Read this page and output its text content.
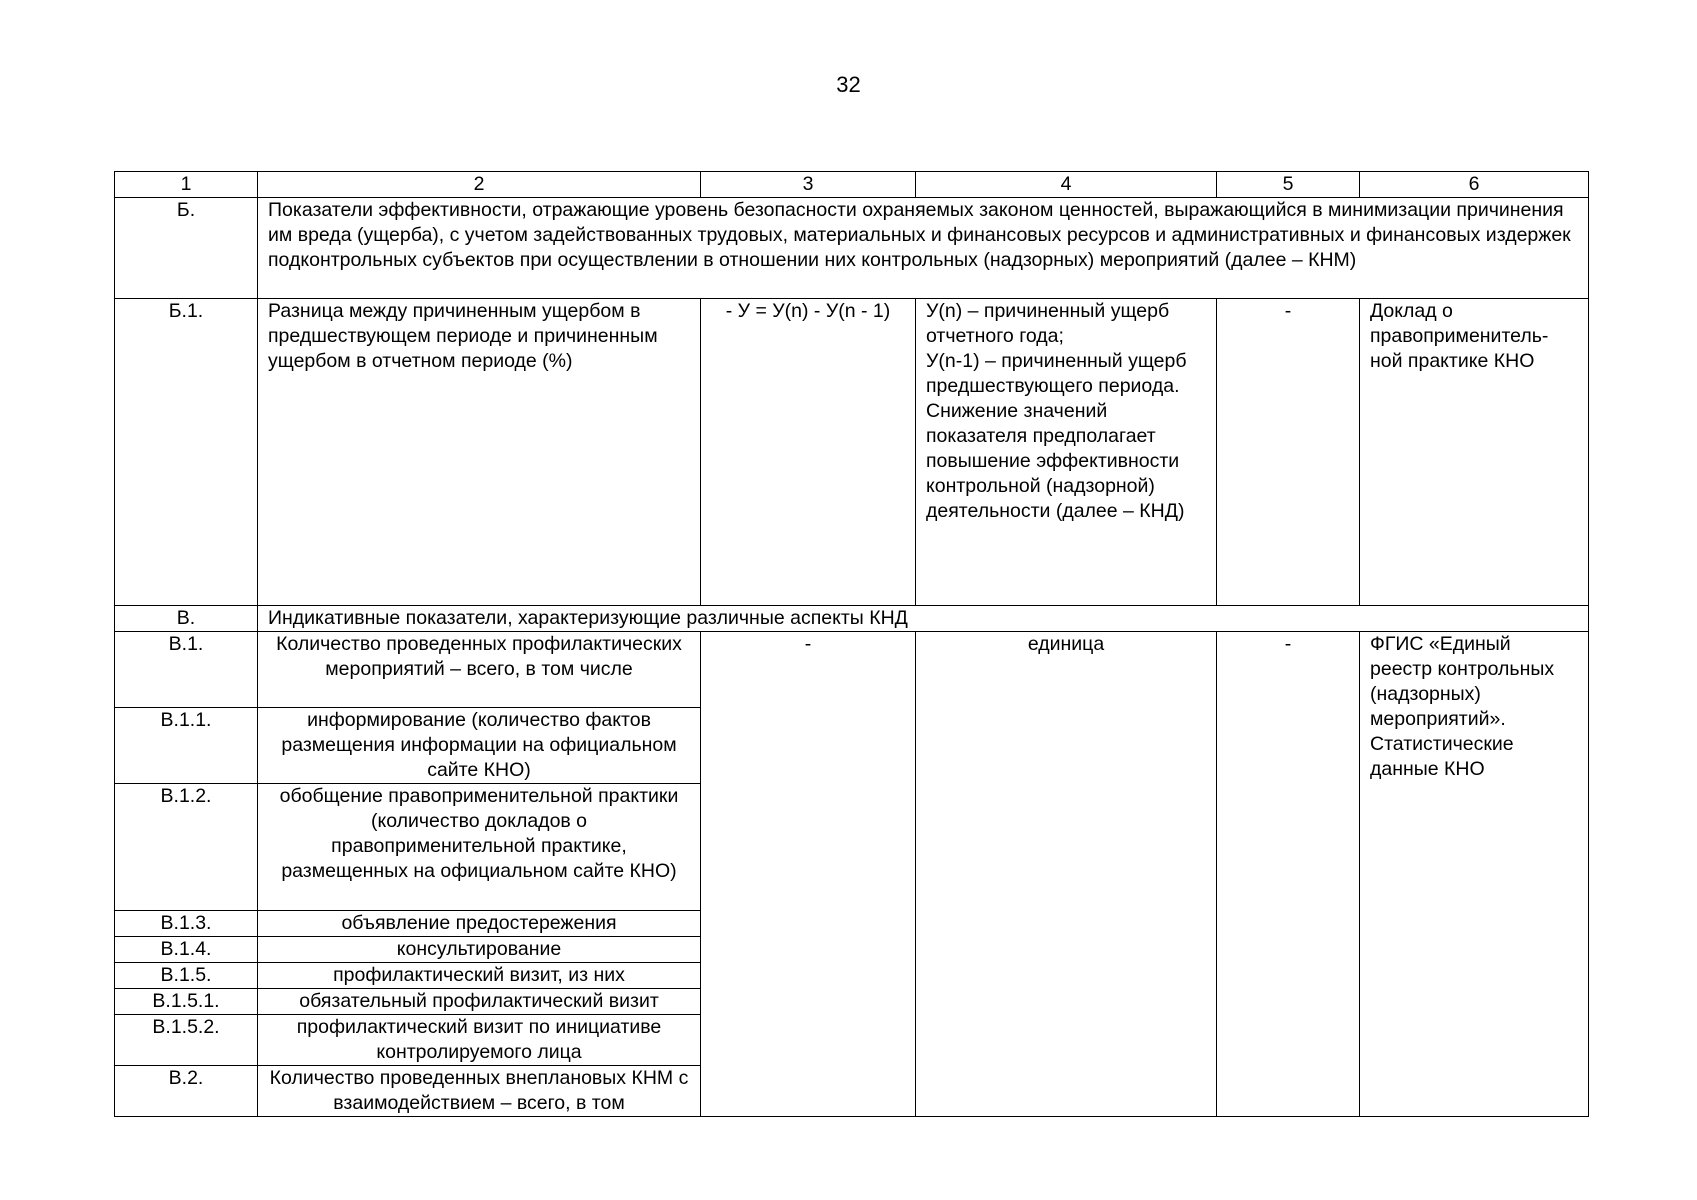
32
1	2	3	4	5	6
Б.	Показатели эффективности, отражающие уровень безопасности охраняемых законом ценностей, выражающийся в минимизации причинения им вреда (ущерба), с учетом задействованных трудовых, материальных и финансовых ресурсов и административных и финансовых издержек подконтрольных субъектов при осуществлении в отношении них контрольных (надзорных) мероприятий (далее – КНМ)				
Б.1.	Разница между причиненным ущербом в предшествующем периоде и причиненным ущербом в отчетном периоде (%)	- У = У(n) - У(n - 1)	У(n) – причиненный ущерб отчетного года;
У(n-1) – причиненный ущерб предшествующего периода.
Снижение значений показателя предполагает повышение эффективности контрольной (надзорной) деятельности (далее – КНД)	-	Доклад о правоприменитель-ной практике КНО
В.	Индикативные показатели, характеризующие различные аспекты КНД				
В.1.	Количество проведенных профилактических мероприятий – всего, в том числе	-	единица	-	ФГИС «Единый реестр контрольных (надзорных) мероприятий».
Статистические данные КНО

В.1.1.	информирование (количество фактов размещения информации на официальном сайте КНО)				
В.1.2.	обобщение правоприменительной практики (количество докладов о правоприменительной практике, размещенных на официальном сайте КНО)				
В.1.3.	объявление предостережения				
В.1.4.	консультирование				
В.1.5.	профилактический визит, из них				
В.1.5.1.	обязательный профилактический визит				
В.1.5.2.	профилактический визит по инициативе контролируемого лица				
В.2.	Количество проведенных внеплановых КНМ с взаимодействием – всего, в том				
